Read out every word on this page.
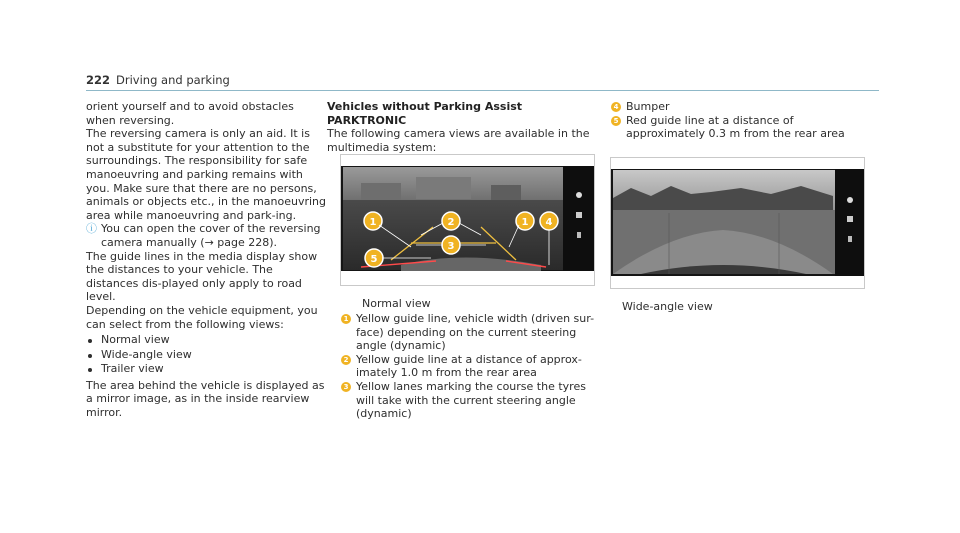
222 Driving and parking

orient yourself and to avoid obstacles when reversing.

The reversing camera is only an aid. It is not a substitute for your attention to the surroundings. The responsibility for safe manoeuvring and parking remains with you. Make sure that there are no persons, animals or objects etc., in the manoeuvring area while manoeuvring and park-ing.

ⓘ You can open the cover of the reversing camera manually (→ page 228).

The guide lines in the media display show the distances to your vehicle. The distances dis-played only apply to road level.

Depending on the vehicle equipment, you can select from the following views:

Normal view
Wide-angle view
Trailer view

The area behind the vehicle is displayed as a mirror image, as in the inside rearview mirror.

Vehicles without Parking Assist PARKTRONIC

The following camera views are available in the multimedia system:

1	2	1 4
3
5
Normal view
1 Yellow guide line, vehicle width (driven sur-face) depending on the current steering angle (dynamic)
2 Yellow guide line at a distance of approx-imately 1.0 m from the rear area
3 Yellow lanes marking the course the tyres will take with the current steering angle (dynamic)
4 Bumper
5 Red guide line at a distance of approximately 0.3 m from the rear area
Wide-angle view
